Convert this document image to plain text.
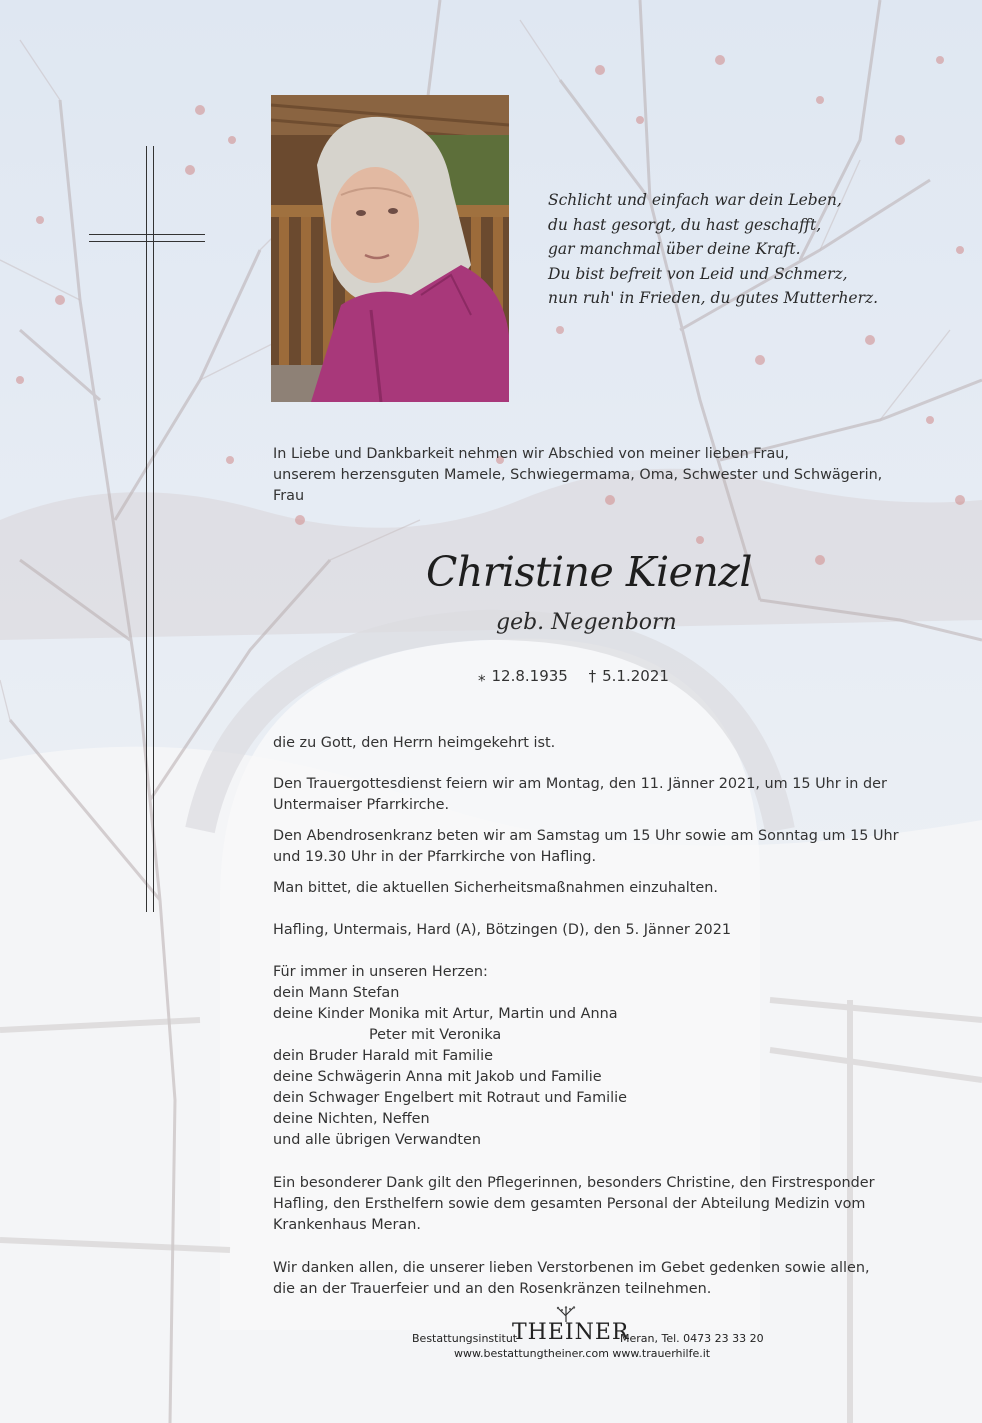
Schlicht und einfach war dein Leben,
du hast gesorgt, du hast geschafft,
gar manchmal über deine Kraft.
Du bist befreit von Leid und Schmerz,
nun ruh' in Frieden, du gutes Mutterherz.
In Liebe und Dankbarkeit nehmen wir Abschied von meiner lieben Frau,
unserem herzensguten Mamele, Schwiegermama, Oma, Schwester und Schwägerin,
Frau
Christine Kienzl
geb. Negenborn
⁎ 12.8.1935 † 5.1.2021
die zu Gott, den Herrn heimgekehrt ist.
Den Trauergottesdienst feiern wir am Montag, den 11. Jänner 2021, um 15 Uhr in der
Untermaiser Pfarrkirche.
Den Abendrosenkranz beten wir am Samstag um 15 Uhr sowie am Sonntag um 15 Uhr
und 19.30 Uhr in der Pfarrkirche von Hafling.
Man bittet, die aktuellen Sicherheitsmaßnahmen einzuhalten.
Hafling, Untermais, Hard (A), Bötzingen (D), den 5. Jänner 2021
Für immer in unseren Herzen:
dein Mann Stefan
deine Kinder Monika mit Artur, Martin und Anna
Peter mit Veronika
dein Bruder Harald mit Familie
deine Schwägerin Anna mit Jakob und Familie
dein Schwager Engelbert mit Rotraut und Familie
deine Nichten, Neffen
und alle übrigen Verwandten
Ein besonderer Dank gilt den Pflegerinnen, besonders Christine, den Firstresponder
Hafling, den Ersthelfern sowie dem gesamten Personal der Abteilung Medizin vom
Krankenhaus Meran.
Wir danken allen, die unserer lieben Verstorbenen im Gebet gedenken sowie allen,
die an der Trauerfeier und an den Rosenkränzen teilnehmen.
Bestattungsinstitut
THEINER
Meran, Tel. 0473 23 33 20
www.bestattungtheiner.com www.trauerhilfe.it
